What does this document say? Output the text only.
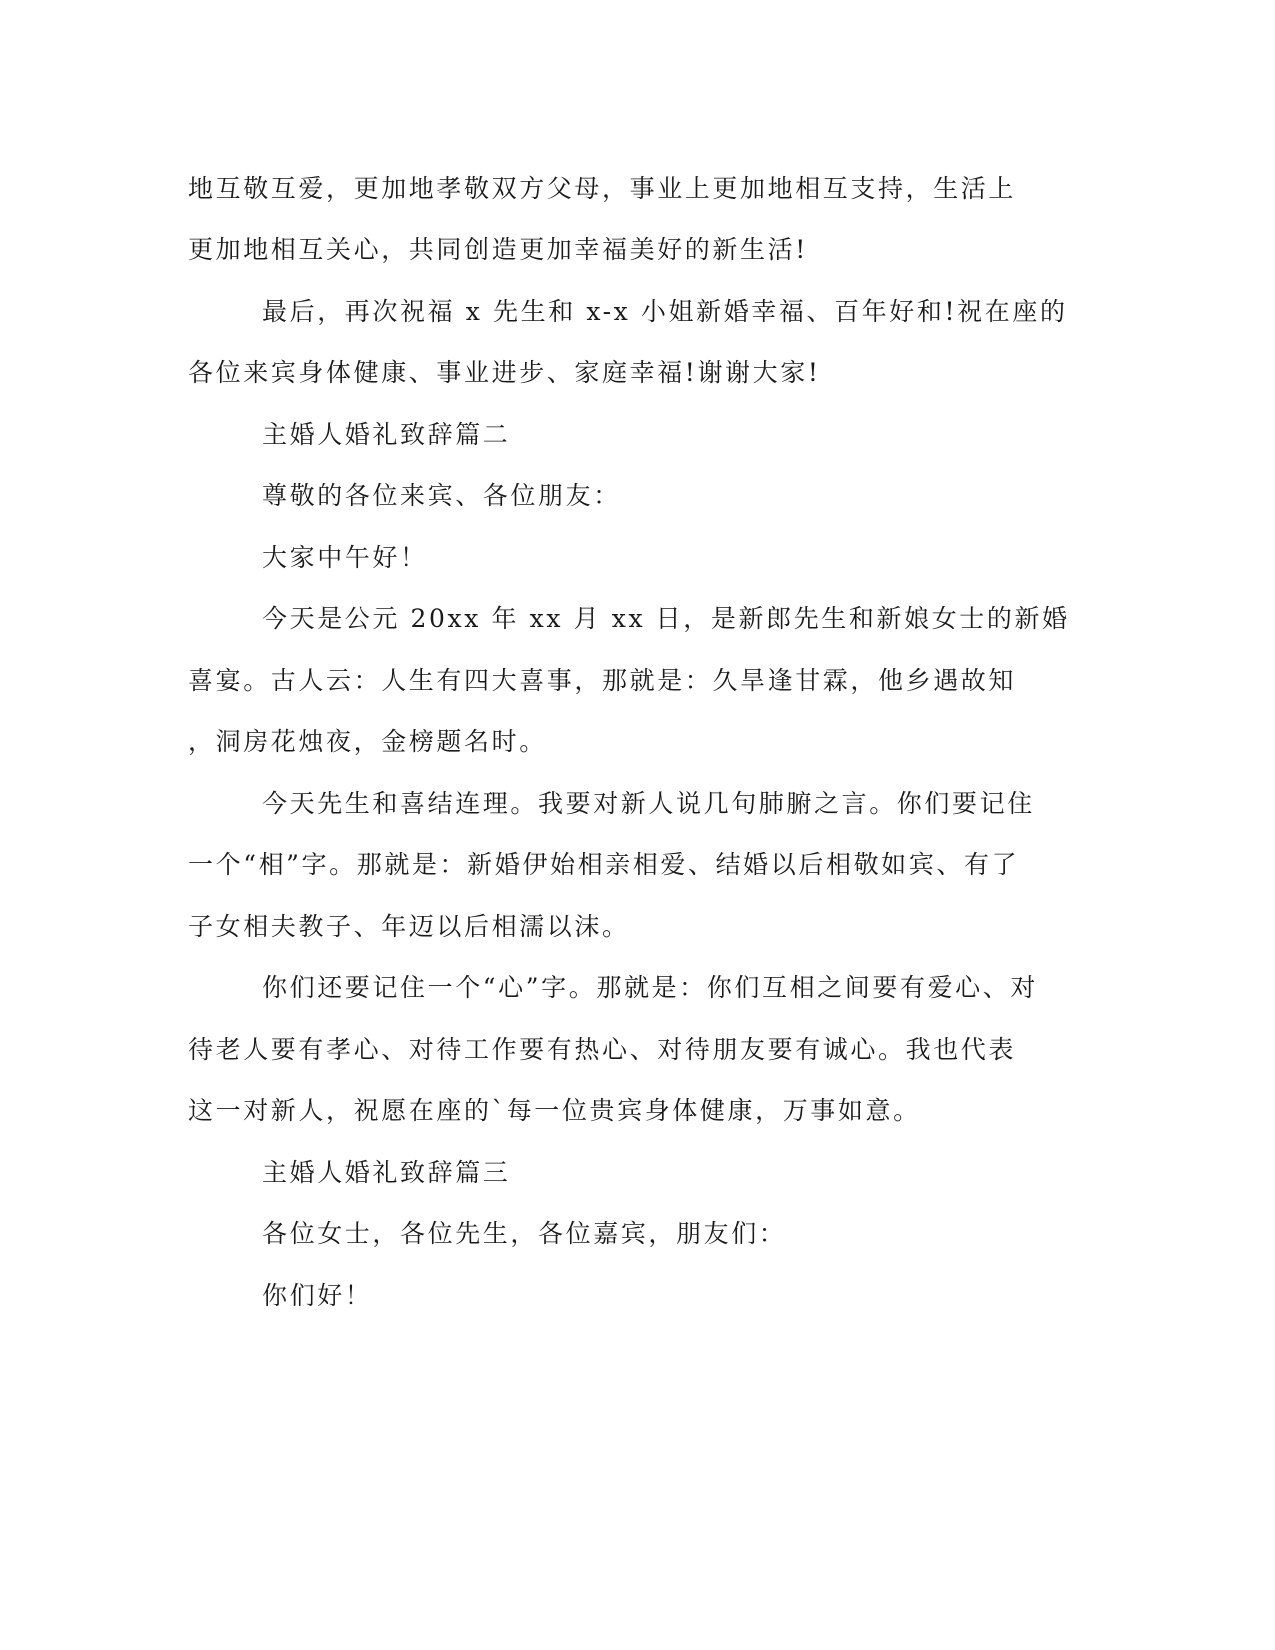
地互敬互爱，更加地孝敬双方父母，事业上更加地相互支持，生活上
更加地相互关心，共同创造更加幸福美好的新生活!
最后，再次祝福 x 先生和 x-x 小姐新婚幸福、百年好和!祝在座的
各位来宾身体健康、事业进步、家庭幸福!谢谢大家!
主婚人婚礼致辞篇二
尊敬的各位来宾、各位朋友：
大家中午好！
今天是公元 20xx 年 xx 月 xx 日，是新郎先生和新娘女士的新婚
喜宴。古人云：人生有四大喜事，那就是：久旱逢甘霖，他乡遇故知
，洞房花烛夜，金榜题名时。
今天先生和喜结连理。我要对新人说几句肺腑之言。你们要记住
一个“相”字。那就是：新婚伊始相亲相爱、结婚以后相敬如宾、有了
子女相夫教子、年迈以后相濡以沫。
你们还要记住一个“心”字。那就是：你们互相之间要有爱心、对
待老人要有孝心、对待工作要有热心、对待朋友要有诚心。我也代表
这一对新人，祝愿在座的`每一位贵宾身体健康，万事如意。
主婚人婚礼致辞篇三
各位女士，各位先生，各位嘉宾，朋友们：
你们好！
